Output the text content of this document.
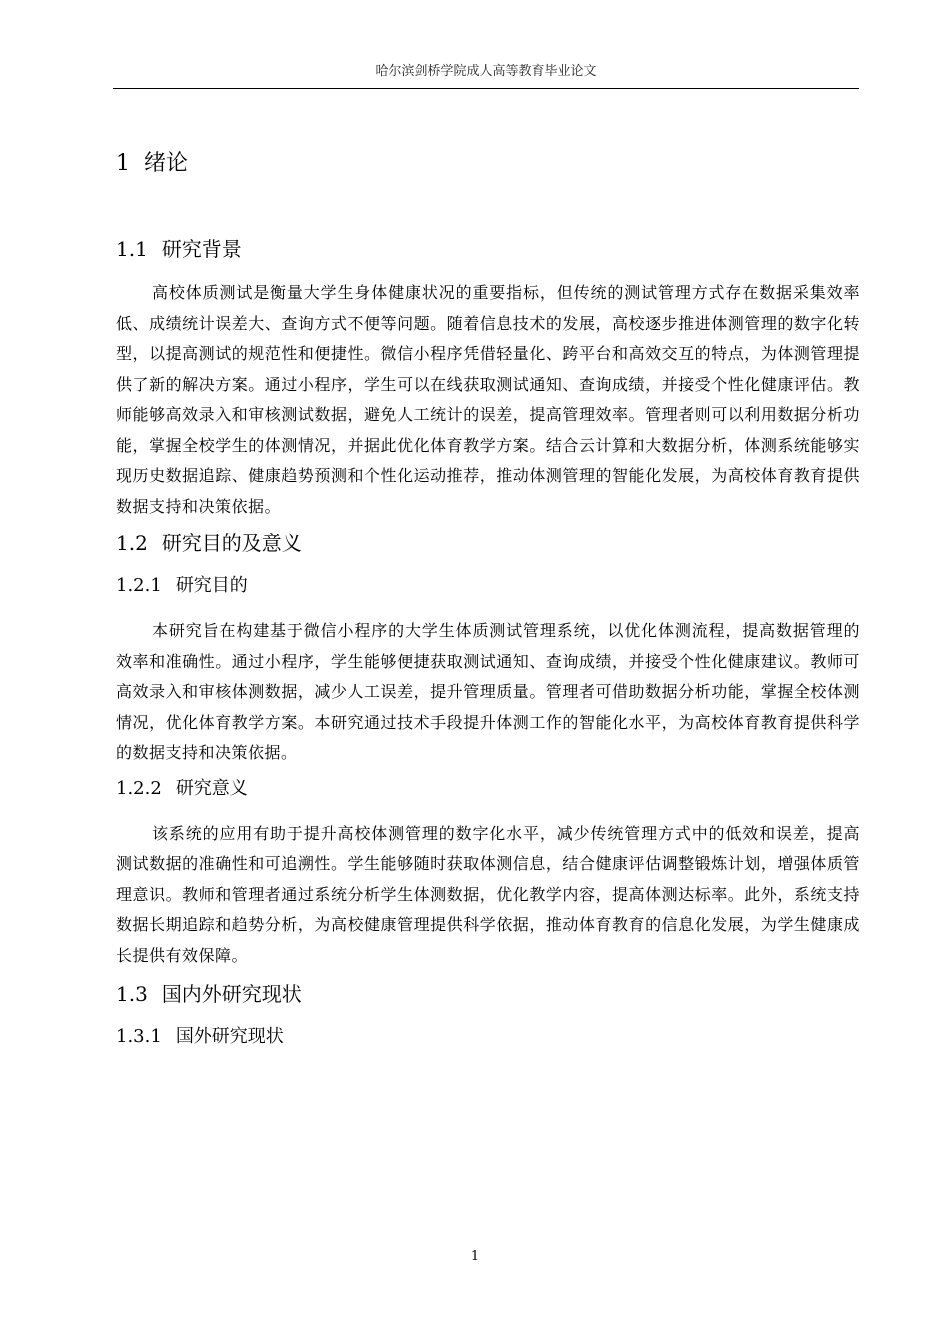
哈尔滨剑桥学院成人高等教育毕业论文
1 绪论
1.1 研究背景

高校体质测试是衡量大学生身体健康状况的重要指标，但传统的测试管理方式存在数据采集效率低、成绩统计误差大、查询方式不便等问题。随着信息技术的发展，高校逐步推进体测管理的数字化转型，以提高测试的规范性和便捷性。微信小程序凭借轻量化、跨平台和高效交互的特点，为体测管理提供了新的解决方案。通过小程序，学生可以在线获取测试通知、查询成绩，并接受个性化健康评估。教师能够高效录入和审核测试数据，避免人工统计的误差，提高管理效率。管理者则可以利用数据分析功能，掌握全校学生的体测情况，并据此优化体育教学方案。结合云计算和大数据分析，体测系统能够实现历史数据追踪、健康趋势预测和个性化运动推荐，推动体测管理的智能化发展，为高校体育教育提供数据支持和决策依据。

1.2 研究目的及意义
1.2.1 研究目的

本研究旨在构建基于微信小程序的大学生体质测试管理系统，以优化体测流程，提高数据管理的效率和准确性。通过小程序，学生能够便捷获取测试通知、查询成绩，并接受个性化健康建议。教师可高效录入和审核体测数据，减少人工误差，提升管理质量。管理者可借助数据分析功能，掌握全校体测情况，优化体育教学方案。本研究通过技术手段提升体测工作的智能化水平，为高校体育教育提供科学的数据支持和决策依据。

1.2.2 研究意义

该系统的应用有助于提升高校体测管理的数字化水平，减少传统管理方式中的低效和误差，提高测试数据的准确性和可追溯性。学生能够随时获取体测信息，结合健康评估调整锻炼计划，增强体质管理意识。教师和管理者通过系统分析学生体测数据，优化教学内容，提高体测达标率。此外，系统支持数据长期追踪和趋势分析，为高校健康管理提供科学依据，推动体育教育的信息化发展，为学生健康成长提供有效保障。

1.3 国内外研究现状
1.3.1 国外研究现状
1
